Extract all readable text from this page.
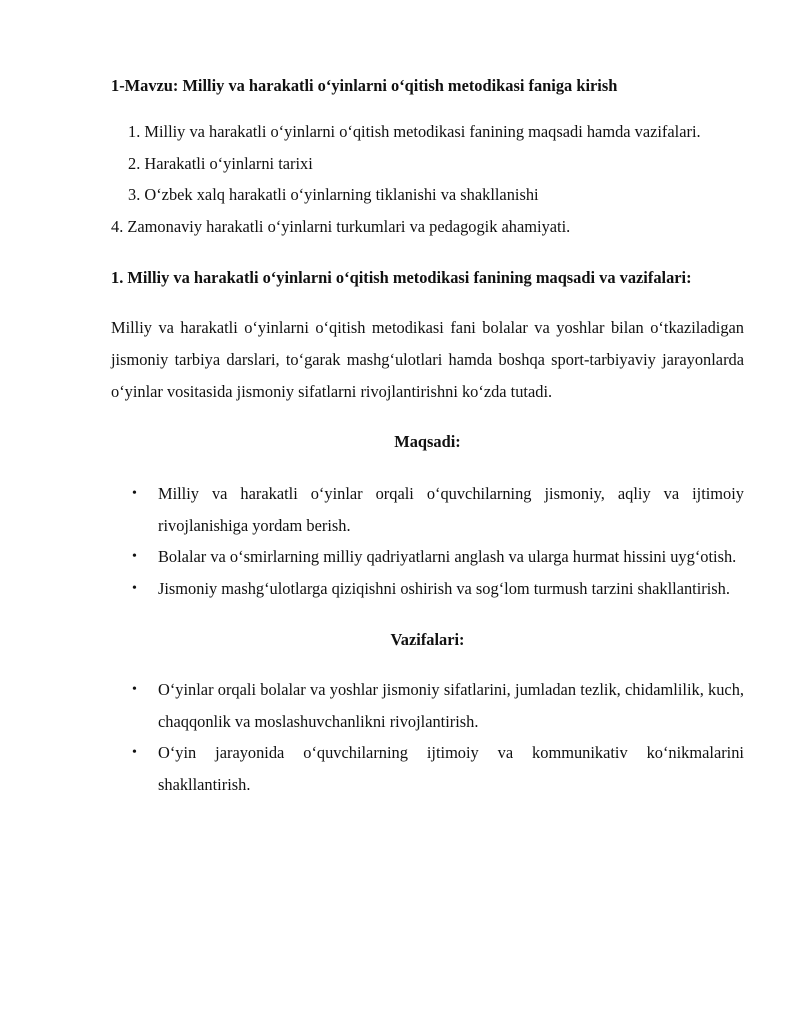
1-Mavzu: Milliy va harakatli o‘yinlarni o‘qitish metodikasi faniga kirish

1. Milliy va harakatli o‘yinlarni o‘qitish metodikasi fanining maqsadi hamda vazifalari.

2. Harakatli o‘yinlarni tarixi

3. O‘zbek xalq harakatli o‘yinlarning tiklanishi va shakllanishi

4. Zamonaviy harakatli o‘yinlarni turkumlari va pedagogik ahamiyati.

1. Milliy va harakatli o‘yinlarni o‘qitish metodikasi fanining maqsadi va vazifalari:

Milliy va harakatli o‘yinlarni o‘qitish metodikasi fani bolalar va yoshlar bilan o‘tkaziladigan jismoniy tarbiya darslari, to‘garak mashg‘ulotlari hamda boshqa sport-tarbiyaviy jarayonlarda o‘yinlar vositasida jismoniy sifatlarni rivojlantirishni ko‘zda tutadi.

Maqsadi:

• Milliy va harakatli o‘yinlar orqali o‘quvchilarning jismoniy, aqliy va ijtimoiy rivojlanishiga yordam berish.
• Bolalar va o‘smirlarning milliy qadriyatlarni anglash va ularga hurmat hissini uyg‘otish.
• Jismoniy mashg‘ulotlarga qiziqishni oshirish va sog‘lom turmush tarzini shakllantirish.

Vazifalari:

• O‘yinlar orqali bolalar va yoshlar jismoniy sifatlarini, jumladan tezlik, chidamlilik, kuch, chaqqonlik va moslashuvchanlikni rivojlantirish.
• O‘yin jarayonida o‘quvchilarning ijtimoiy va kommunikativ ko‘nikmalarini shakllantirish.
